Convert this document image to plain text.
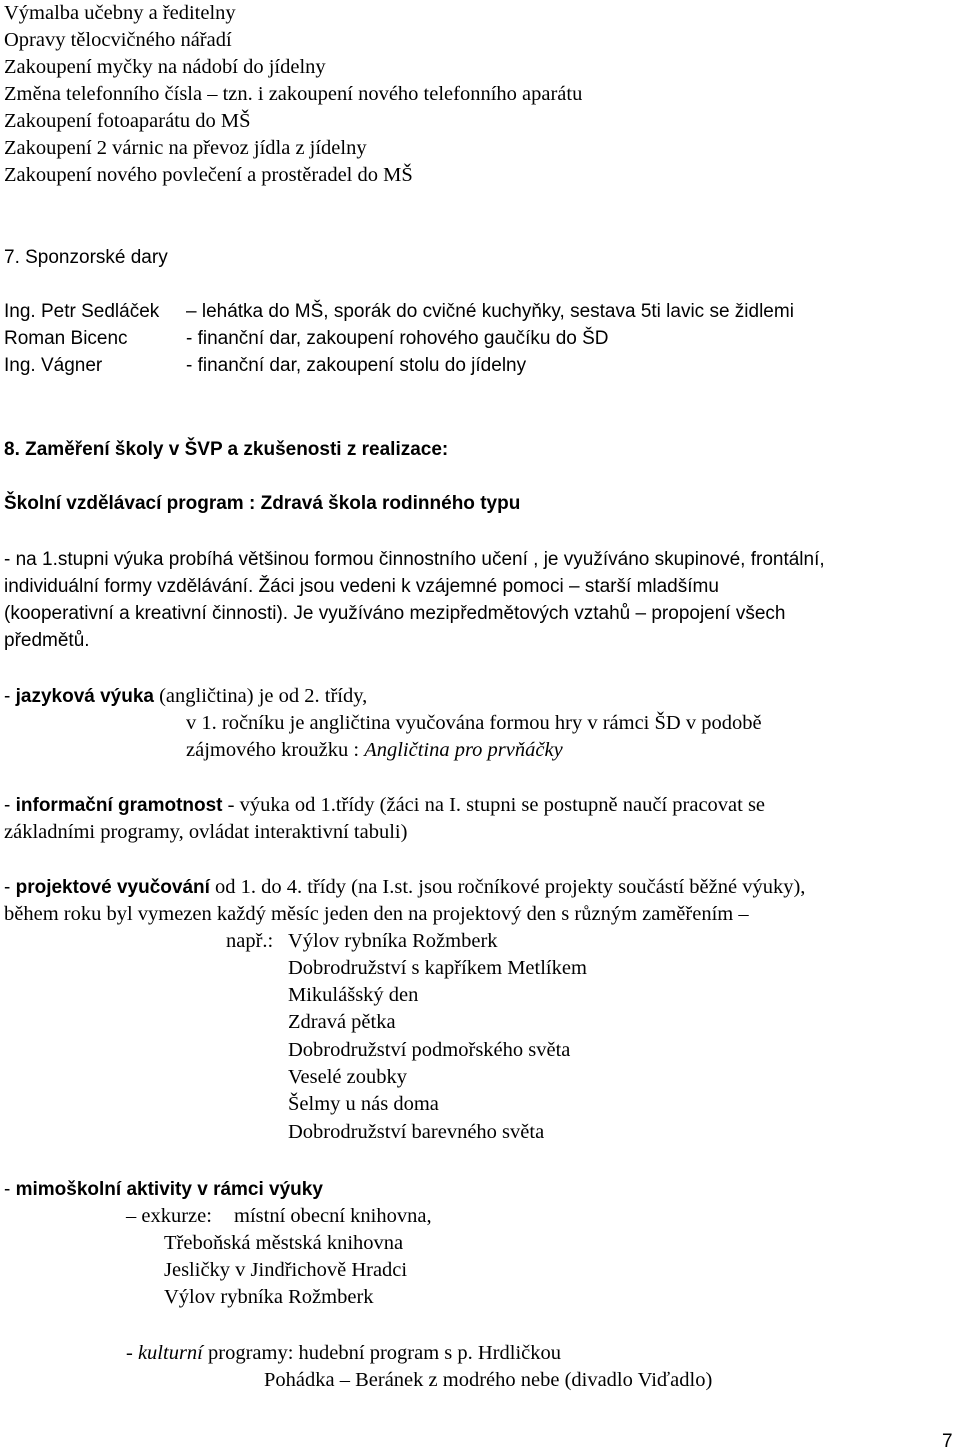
Výmalba učebny a ředitelny
Opravy tělocvičného nářadí
Zakoupení myčky na nádobí do jídelny
Změna telefonního čísla – tzn. i zakoupení nového telefonního aparátu
Zakoupení fotoaparátu do MŠ
Zakoupení 2 várnic na převoz jídla z jídelny
Zakoupení nového povlečení a prostěradel do MŠ
7. Sponzorské dary
Ing. Petr Sedláček – lehátka do MŠ, sporák do cvičné kuchyňky, sestava 5ti lavic se židlemi
Roman Bicenc	- finanční dar, zakoupení rohového gaučíku do ŠD
Ing. Vágner	- finanční dar, zakoupení stolu do jídelny
8. Zaměření školy v ŠVP a zkušenosti z realizace:
Školní vzdělávací program : Zdravá škola rodinného typu
- na 1.stupni výuka probíhá většinou formou činnostního učení , je využíváno skupinové, frontální,
individuální formy vzdělávání. Žáci jsou vedeni k vzájemné pomoci – starší mladšímu
(kooperativní a kreativní činnosti). Je využíváno mezipředmětových vztahů – propojení všech
předmětů.
- jazyková výuka (angličtina) je od 2. třídy,
v 1. ročníku je angličtina vyučována formou hry v rámci ŠD v podobě
zájmového kroužku : Angličtina pro prvňáčky
- informační gramotnost - výuka od 1.třídy (žáci na I. stupni se postupně naučí pracovat se
základními programy, ovládat interaktivní tabuli)
- projektové vyučování od 1. do 4. třídy (na I.st. jsou ročníkové projekty součástí běžné výuky),
během roku byl vymezen každý měsíc jeden den na projektový den s různým zaměřením –
např.: Výlov rybníka Rožmberk
Dobrodružství s kapříkem Metlíkem
Mikulášský den
Zdravá pětka
Dobrodružství podmořského světa
Veselé zoubky
Šelmy u nás doma
Dobrodružství barevného světa
- mimoškolní aktivity v rámci výuky
– exkurze: místní obecní knihovna,
Třeboňská městská knihovna
Jesličky v Jindřichově Hradci
Výlov rybníka Rožmberk
- kulturní programy: hudební program s p. Hrdličkou
Pohádka – Beránek z modrého nebe (divadlo Viďadlo)
7
